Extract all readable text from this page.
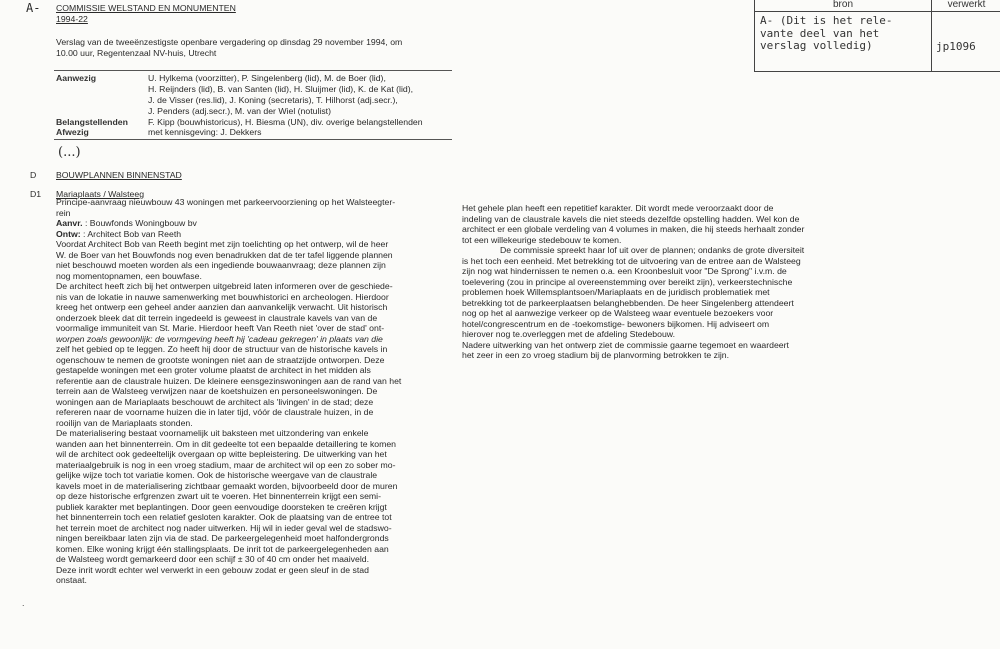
A-
D
D1
.
COMMISSIE WELSTAND EN MONUMENTEN
1994-22
Verslag van de tweeënzestigste openbare vergadering op dinsdag 29 november 1994, om
10.00 uur, Regentenzaal NV-huis, Utrecht
Aanwezig	U. Hylkema (voorzitter), P. Singelenberg (lid), M. de Boer (lid),
H. Reijnders (lid), B. van Santen (lid), H. Sluijmer (lid), K. de Kat (lid),
J. de Visser (res.lid), J. Koning (secretaris), T. Hilhorst (adj.secr.),
J. Penders (adj.secr.), M. van der Wiel (notulist)
Belangstellenden F. Kipp (bouwhistoricus), H. Biesma (UN), div. overige belangstellenden
Afwezig	met kennisgeving: J. Dekkers
(...)
BOUWPLANNEN BINNENSTAD
Mariaplaats / Walsteeg
Principe-aanvraag nieuwbouw 43 woningen met parkeervoorziening op het Walsteegter-
rein
Aanvr. : Bouwfonds Woningbouw bv
Ontw: : Architect Bob van Reeth
Voordat Architect Bob van Reeth begint met zijn toelichting op het ontwerp, wil de heer
W. de Boer van het Bouwfonds nog even benadrukken dat de ter tafel liggende plannen
niet beschouwd moeten worden als een ingediende bouwaanvraag; deze plannen zijn
nog momentopnamen, een bouwfase.
De architect heeft zich bij het ontwerpen uitgebreid laten informeren over de geschiede-
nis van de lokatie in nauwe samenwerking met bouwhistorici en archeologen. Hierdoor
kreeg het ontwerp een geheel ander aanzien dan aanvankelijk verwacht. Uit historisch
onderzoek bleek dat dit terrein ingedeeld is geweest in claustrale kavels van van de
voormalige immuniteit van St. Marie. Hierdoor heeft Van Reeth niet 'over de stad' ont-
worpen zoals gewoonlijk: de vormgeving heeft hij 'cadeau gekregen' in plaats van die
zelf het gebied op te leggen. Zo heeft hij door de structuur van de historische kavels in
ogenschouw te nemen de grootste woningen niet aan de straatzijde ontworpen. Deze
gestapelde woningen met een groter volume plaatst de architect in het midden als
referentie aan de claustrale huizen. De kleinere eensgezinswoningen aan de rand van het
terrein aan de Walsteeg verwijzen naar de koetshuizen en personeelswoningen. De
woningen aan de Mariaplaats beschouwt de architect als 'livingen' in de stad; deze
refereren naar de voorname huizen die in later tijd, vóór de claustrale huizen, in de
rooilijn van de Mariaplaats stonden.
De materialisering bestaat voornamelijk uit baksteen met uitzondering van enkele
wanden aan het binnenterrein. Om in dit gedeelte tot een bepaalde detaillering te komen
wil de architect ook gedeeltelijk overgaan op witte bepleistering. De uitwerking van het
materiaalgebruik is nog in een vroeg stadium, maar de architect wil op een zo sober mo-
gelijke wijze toch tot variatie komen. Ook de historische weergave van de claustrale
kavels moet in de materialisering zichtbaar gemaakt worden, bijvoorbeeld door de muren
op deze historische erfgrenzen zwart uit te voeren. Het binnenterrein krijgt een semi-
publiek karakter met beplantingen. Door geen eenvoudige doorsteken te creëren krijgt
het binnenterrein toch een relatief gesloten karakter. Ook de plaatsing van de entree tot
het terrein moet de architect nog nader uitwerken. Hij wil in ieder geval wel de stadswo-
ningen bereikbaar laten zijn via de stad. De parkeergelegenheid moet halfondergronds
komen. Elke woning krijgt één stallingsplaats. De inrit tot de parkeergelegenheden aan
de Walsteeg wordt gemarkeerd door een schijf ± 30 of 40 cm onder het maaiveld.
Deze inrit wordt echter wel verwerkt in een gebouw zodat er geen sleuf in de stad
onstaat.
Het gehele plan heeft een repetitief karakter. Dit wordt mede veroorzaakt door de
indeling van de claustrale kavels die niet steeds dezelfde opstelling hadden. Wel kon de
architect er een globale verdeling van 4 volumes in maken, die hij steeds herhaalt zonder
tot een willekeurige stedebouw te komen.
De commissie spreekt haar lof uit over de plannen; ondanks de grote diversiteit
is het toch een eenheid. Met betrekking tot de uitvoering van de entree aan de Walsteeg
zijn nog wat hindernissen te nemen o.a. een Kroonbesluit voor "De Sprong" i.v.m. de
toelevering (zou in principe al overeenstemming over bereikt zijn), verkeerstechnische
problemen hoek Willemsplantsoen/Mariaplaats en de juridisch problematiek met
betrekking tot de parkeerplaatsen belanghebbenden. De heer Singelenberg attendeert
nog op het al aanwezige verkeer op de Walsteeg waar eventuele bezoekers voor
hotel/congrescentrum en de -toekomstige- bewoners bijkomen. Hij adviseert om
hierover nog te.overleggen met de afdeling Stedebouw.
Nadere uitwerking van het ontwerp ziet de commissie gaarne tegemoet en waardeert
het zeer in een zo vroeg stadium bij de planvorming betrokken te zijn.
bron	verwerkt
A- (Dit is het rele-
vante deel van het
verslag volledig)	jp1096
